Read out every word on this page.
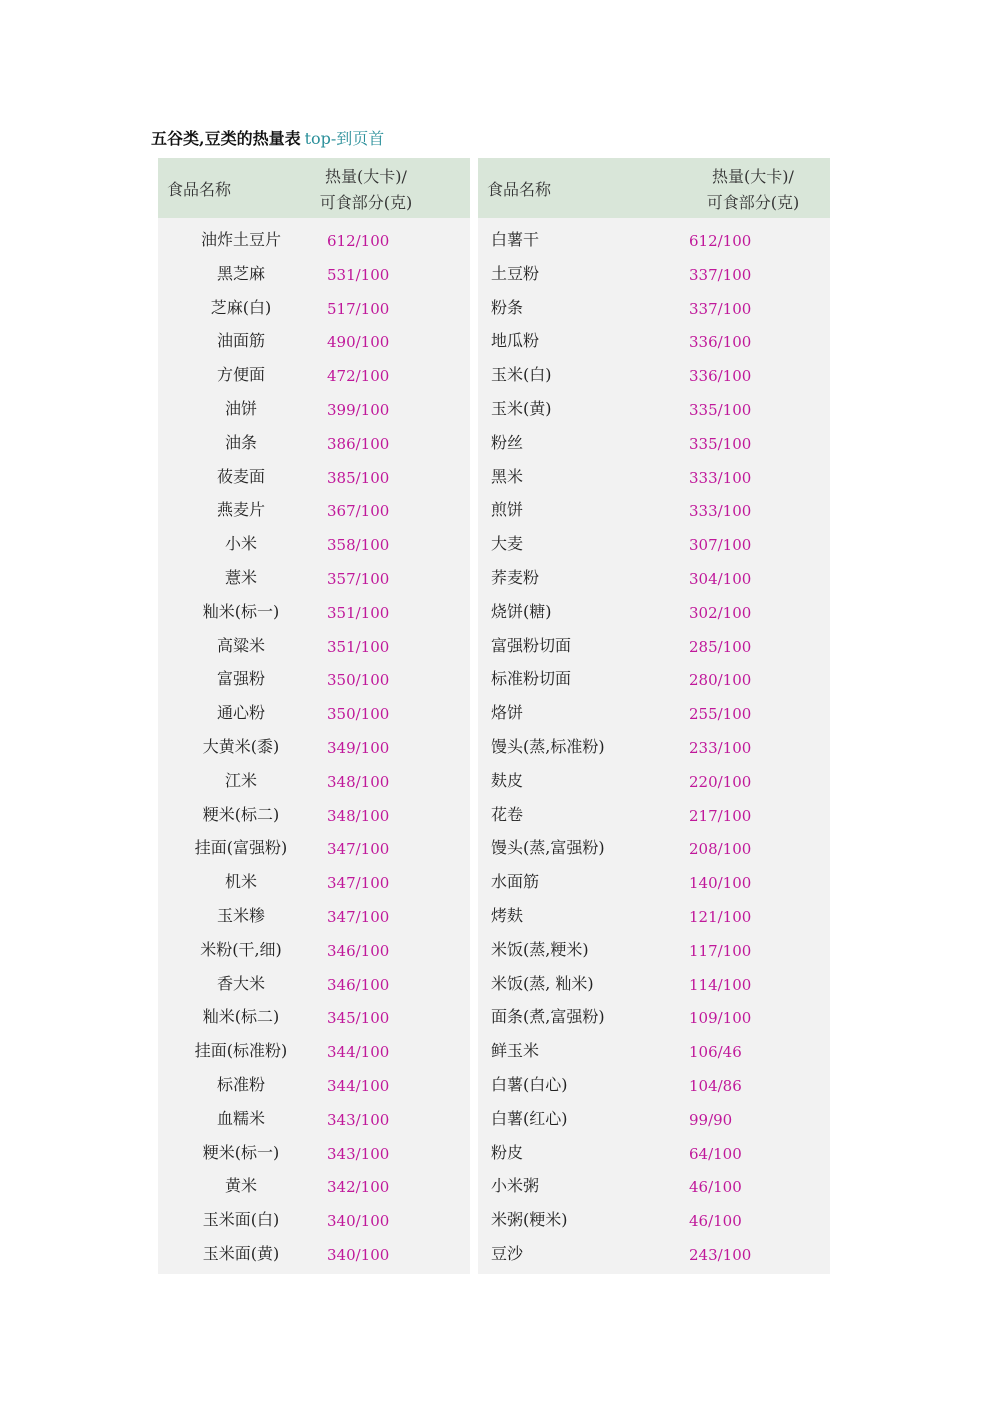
五谷类,豆类的热量表 top-到页首
食品名称
热量(大卡)/
可食部分(克)
油炸土豆片	612/100
黑芝麻	531/100
芝麻(白)	517/100
油面筋	490/100
方便面	472/100
油饼	399/100
油条	386/100
莜麦面	385/100
燕麦片	367/100
小米	358/100
薏米	357/100
籼米(标一)	351/100
高粱米	351/100
富强粉	350/100
通心粉	350/100
大黄米(黍)	349/100
江米	348/100
粳米(标二)	348/100
挂面(富强粉)	347/100
机米	347/100
玉米糁	347/100
米粉(干,细)	346/100
香大米	346/100
籼米(标二)	345/100
挂面(标准粉)	344/100
标准粉	344/100
血糯米	343/100
粳米(标一)	343/100
黄米	342/100
玉米面(白)	340/100
玉米面(黄)	340/100
食品名称
热量(大卡)/
可食部分(克)
白薯干	612/100
土豆粉	337/100
粉条	337/100
地瓜粉	336/100
玉米(白)	336/100
玉米(黄)	335/100
粉丝	335/100
黑米	333/100
煎饼	333/100
大麦	307/100
荞麦粉	304/100
烧饼(糖)	302/100
富强粉切面	285/100
标准粉切面	280/100
烙饼	255/100
馒头(蒸,标准粉)	233/100
麸皮	220/100
花卷	217/100
馒头(蒸,富强粉)	208/100
水面筋	140/100
烤麸	121/100
米饭(蒸,粳米)	117/100
米饭(蒸, 籼米)	114/100
面条(煮,富强粉)	109/100
鲜玉米	106/46
白薯(白心)	104/86
白薯(红心)	99/90
粉皮	64/100
小米粥	46/100
米粥(粳米)	46/100
豆沙	243/100
